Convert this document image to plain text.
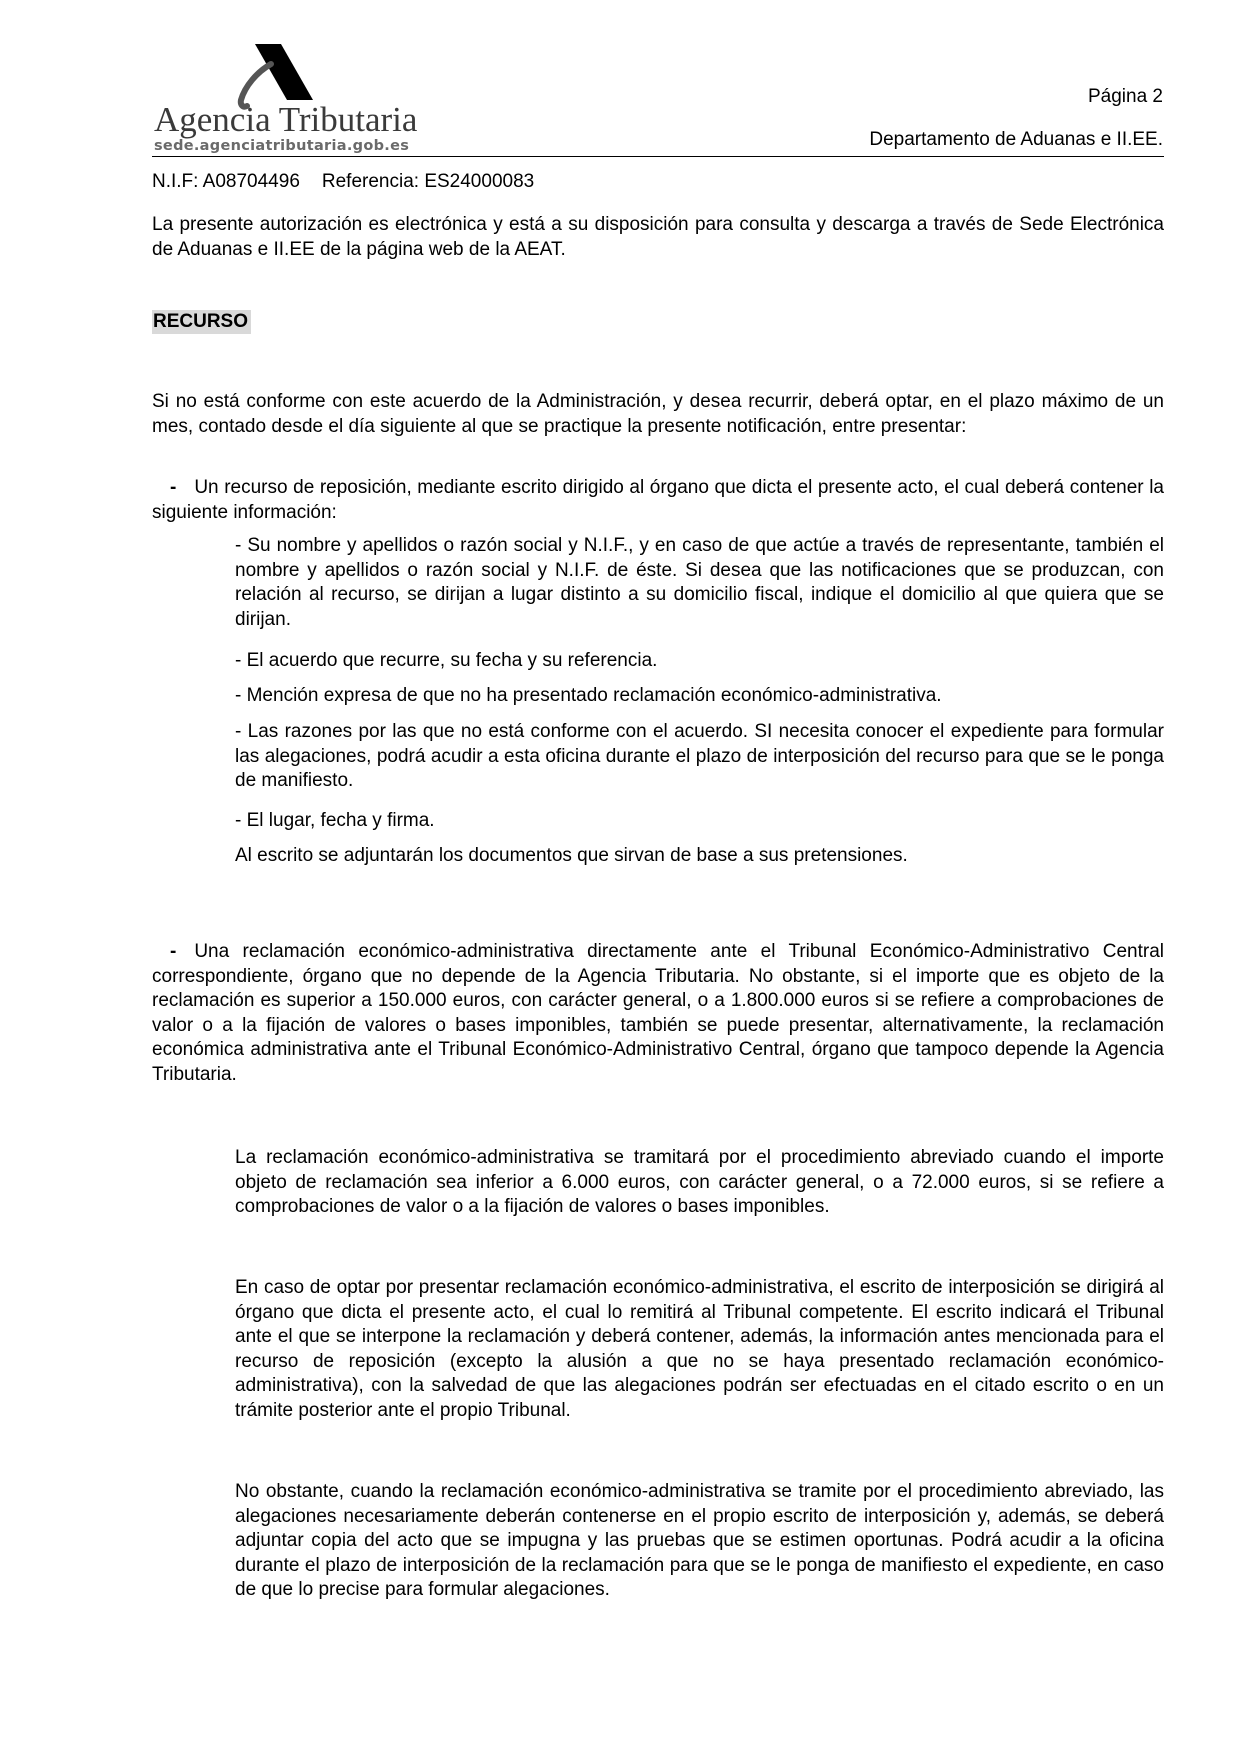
Agencia Tributaria
sede.agenciatributaria.gob.es
Página 2
Departamento de Aduanas e II.EE.
N.I.F: A08704496 Referencia: ES24000083
La presente autorización es electrónica y está a su disposición para consulta y descarga a través de Sede Electrónica de Aduanas e II.EE de la página web de la AEAT.
RECURSO
Si no está conforme con este acuerdo de la Administración, y desea recurrir, deberá optar, en el plazo máximo de un mes, contado desde el día siguiente al que se practique la presente notificación, entre presentar:
- Un recurso de reposición, mediante escrito dirigido al órgano que dicta el presente acto, el cual deberá contener la siguiente información:
- Su nombre y apellidos o razón social y N.I.F., y en caso de que actúe a través de representante, también el nombre y apellidos o razón social y N.I.F. de éste. Si desea que las notificaciones que se produzcan, con relación al recurso, se dirijan a lugar distinto a su domicilio fiscal, indique el domicilio al que quiera que se dirijan.
- El acuerdo que recurre, su fecha y su referencia.
- Mención expresa de que no ha presentado reclamación económico-administrativa.
- Las razones por las que no está conforme con el acuerdo. SI necesita conocer el expediente para formular las alegaciones, podrá acudir a esta oficina durante el plazo de interposición del recurso para que se le ponga de manifiesto.
- El lugar, fecha y firma.
Al escrito se adjuntarán los documentos que sirvan de base a sus pretensiones.
- Una reclamación económico-administrativa directamente ante el Tribunal Económico-Administrativo Central correspondiente, órgano que no depende de la Agencia Tributaria. No obstante, si el importe que es objeto de la reclamación es superior a 150.000 euros, con carácter general, o a 1.800.000 euros si se refiere a comprobaciones de valor o a la fijación de valores o bases imponibles, también se puede presentar, alternativamente, la reclamación económica administrativa ante el Tribunal Económico-Administrativo Central, órgano que tampoco depende la Agencia Tributaria.
La reclamación económico-administrativa se tramitará por el procedimiento abreviado cuando el importe objeto de reclamación sea inferior a 6.000 euros, con carácter general, o a 72.000 euros, si se refiere a comprobaciones de valor o a la fijación de valores o bases imponibles.
En caso de optar por presentar reclamación económico-administrativa, el escrito de interposición se dirigirá al órgano que dicta el presente acto, el cual lo remitirá al Tribunal competente. El escrito indicará el Tribunal ante el que se interpone la reclamación y deberá contener, además, la información antes mencionada para el recurso de reposición (excepto la alusión a que no se haya presentado reclamación económico-administrativa), con la salvedad de que las alegaciones podrán ser efectuadas en el citado escrito o en un trámite posterior ante el propio Tribunal.
No obstante, cuando la reclamación económico-administrativa se tramite por el procedimiento abreviado, las alegaciones necesariamente deberán contenerse en el propio escrito de interposición y, además, se deberá adjuntar copia del acto que se impugna y las pruebas que se estimen oportunas. Podrá acudir a la oficina durante el plazo de interposición de la reclamación para que se le ponga de manifiesto el expediente, en caso de que lo precise para formular alegaciones.
